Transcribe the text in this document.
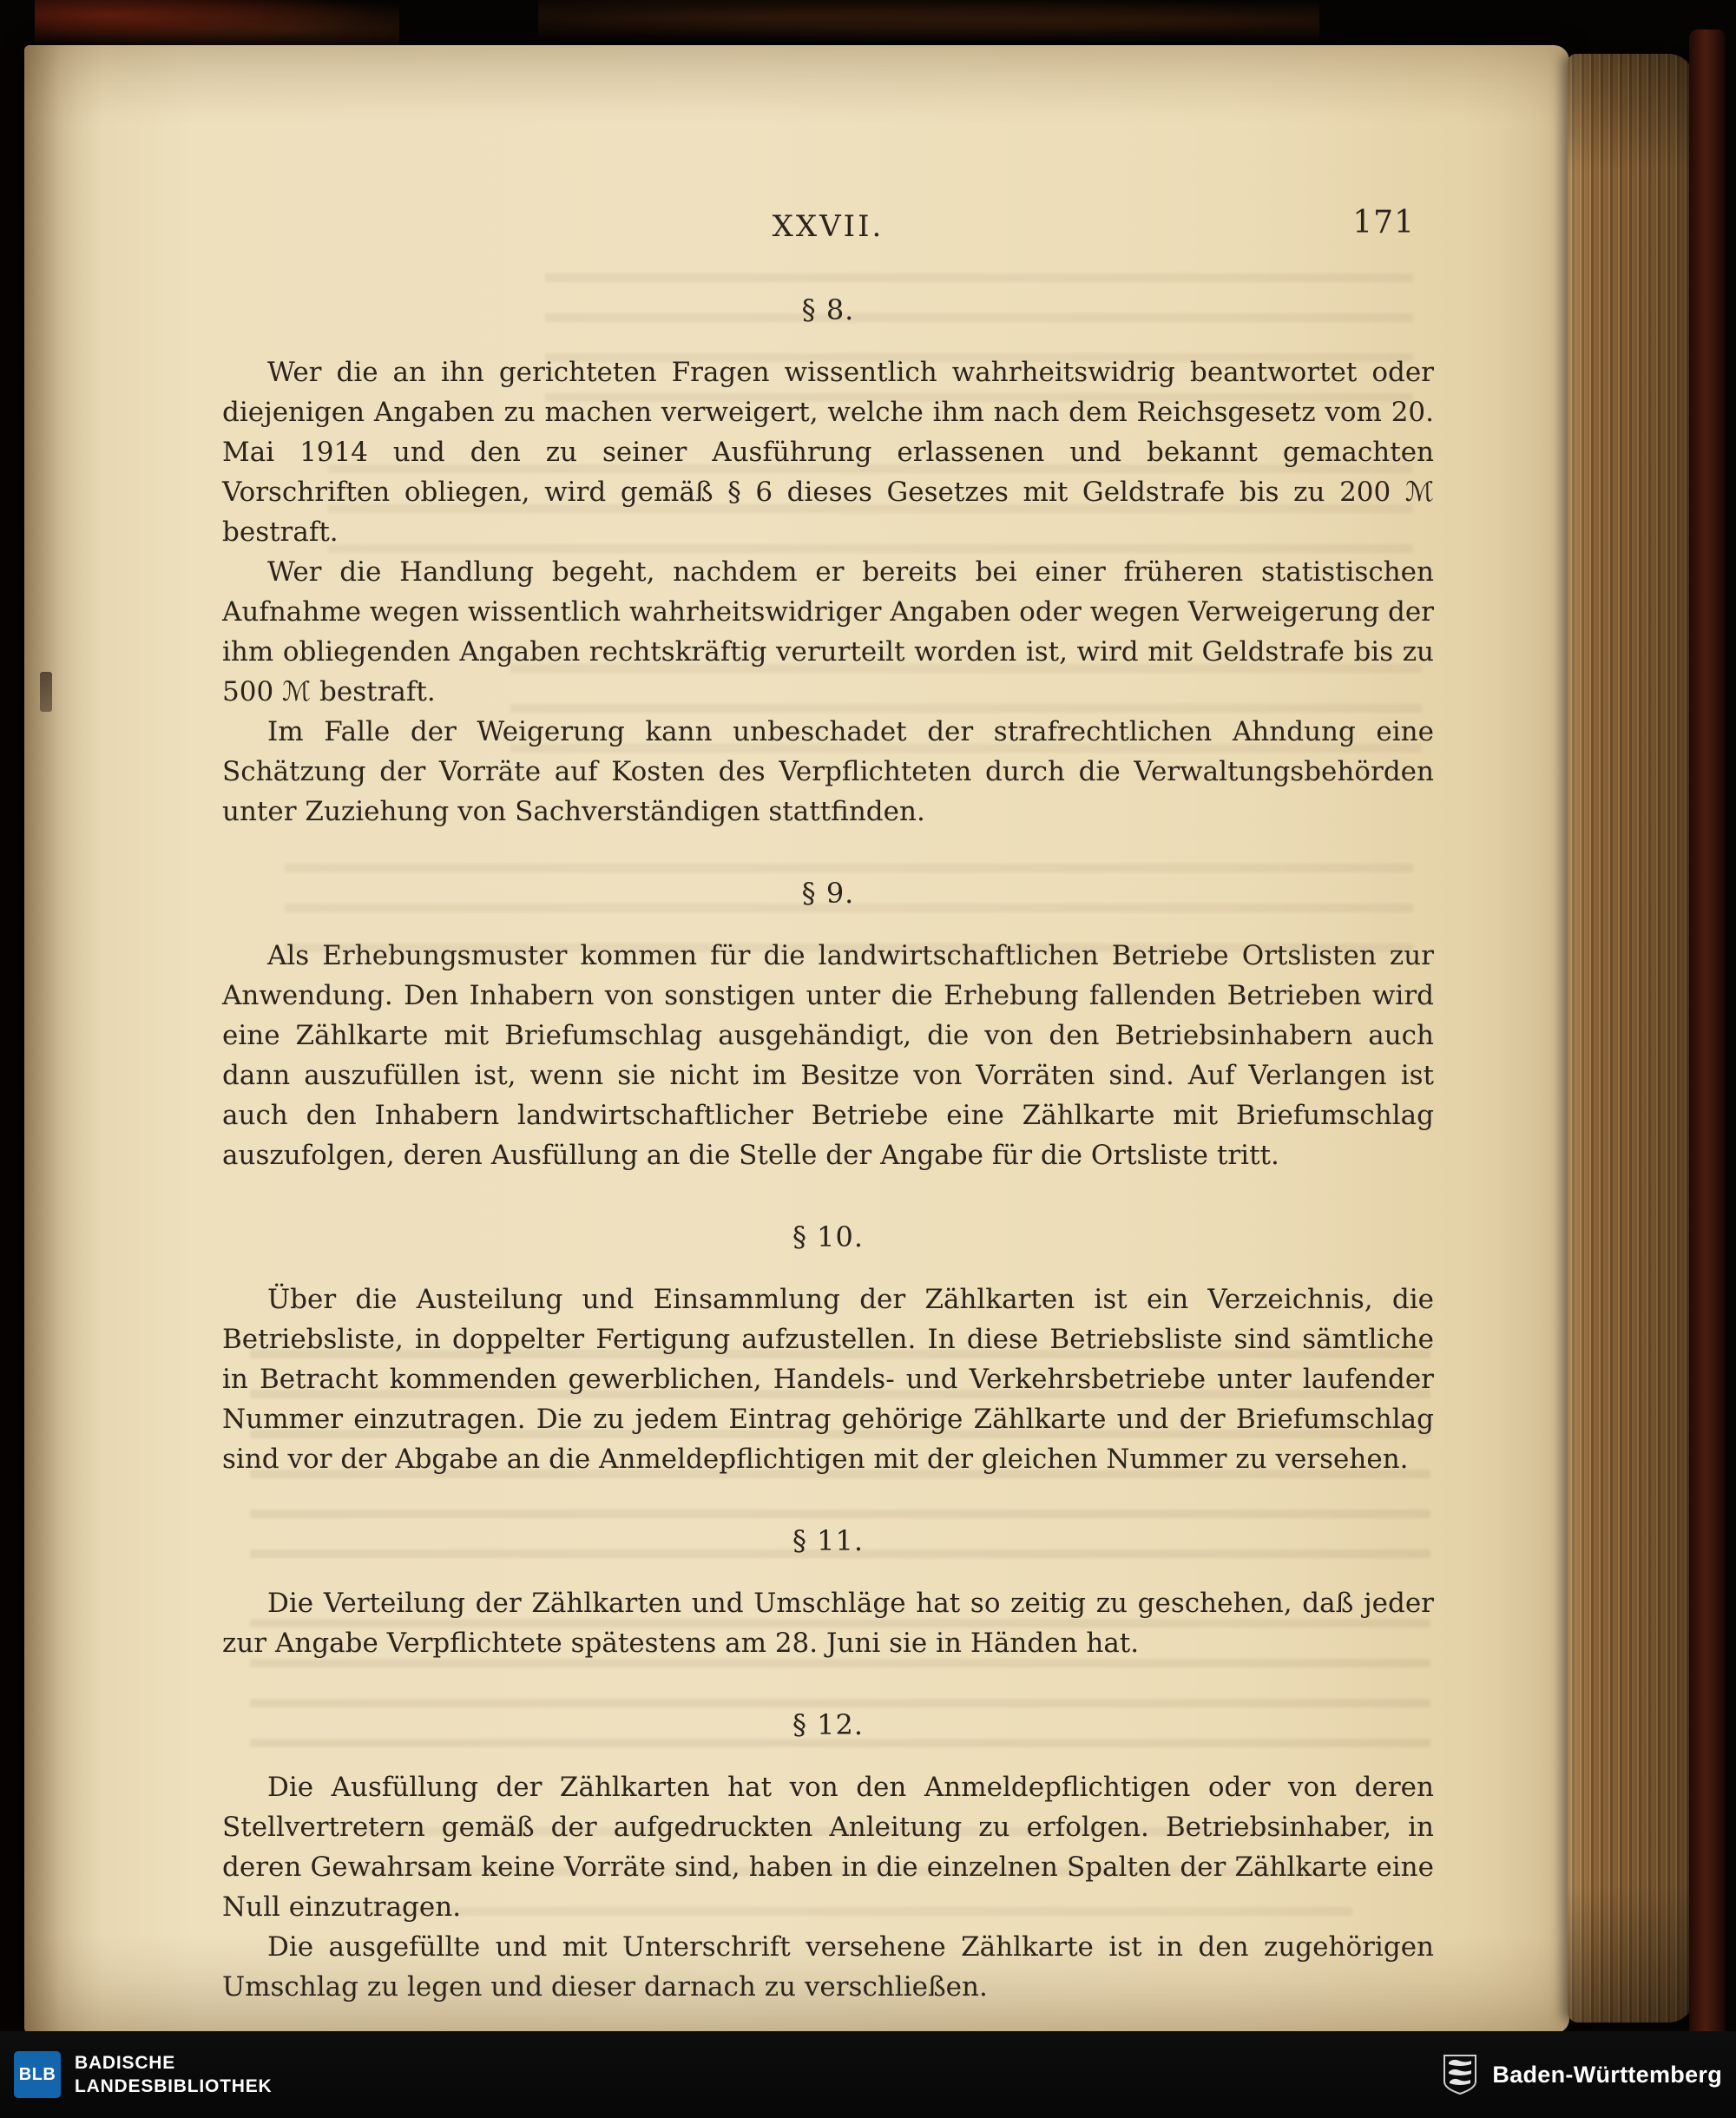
XXVII.	171
§ 8.

Wer die an ihn gerichteten Fragen wissentlich wahrheitswidrig beantwortet oder diejenigen Angaben zu machen verweigert, welche ihm nach dem Reichsgesetz vom 20. Mai 1914 und den zu seiner Ausführung erlassenen und bekannt gemachten Vorschriften obliegen, wird gemäß § 6 dieses Gesetzes mit Geldstrafe bis zu 200 ℳ bestraft.

Wer die Handlung begeht, nachdem er bereits bei einer früheren statistischen Aufnahme wegen wissentlich wahrheitswidriger Angaben oder wegen Verweigerung der ihm obliegenden Angaben rechtskräftig verurteilt worden ist, wird mit Geldstrafe bis zu 500 ℳ bestraft.

Im Falle der Weigerung kann unbeschadet der strafrechtlichen Ahndung eine Schätzung der Vorräte auf Kosten des Verpflichteten durch die Verwaltungsbehörden unter Zuziehung von Sachverständigen stattfinden.

§ 9.

Als Erhebungsmuster kommen für die landwirtschaftlichen Betriebe Ortslisten zur Anwendung. Den Inhabern von sonstigen unter die Erhebung fallenden Betrieben wird eine Zählkarte mit Briefumschlag ausgehändigt, die von den Betriebsinhabern auch dann auszufüllen ist, wenn sie nicht im Besitze von Vorräten sind. Auf Verlangen ist auch den Inhabern landwirtschaftlicher Betriebe eine Zählkarte mit Briefumschlag auszufolgen, deren Ausfüllung an die Stelle der Angabe für die Ortsliste tritt.

§ 10.

Über die Austeilung und Einsammlung der Zählkarten ist ein Verzeichnis, die Betriebsliste, in doppelter Fertigung aufzustellen. In diese Betriebsliste sind sämtliche in Betracht kommenden gewerblichen, Handels- und Verkehrsbetriebe unter laufender Nummer einzutragen. Die zu jedem Eintrag gehörige Zählkarte und der Briefumschlag sind vor der Abgabe an die Anmeldepflichtigen mit der gleichen Nummer zu versehen.

§ 11.

Die Verteilung der Zählkarten und Umschläge hat so zeitig zu geschehen, daß jeder zur Angabe Verpflichtete spätestens am 28. Juni sie in Händen hat.

§ 12.

Die Ausfüllung der Zählkarten hat von den Anmeldepflichtigen oder von deren Stellvertretern gemäß der aufgedruckten Anleitung zu erfolgen. Betriebsinhaber, in deren Gewahrsam keine Vorräte sind, haben in die einzelnen Spalten der Zählkarte eine Null einzutragen.

Die ausgefüllte und mit Unterschrift versehene Zählkarte ist in den zugehörigen Umschlag zu legen und dieser darnach zu verschließen.

BLB
BADISCHE
LANDESBIBLIOTHEK	Baden-Württemberg
